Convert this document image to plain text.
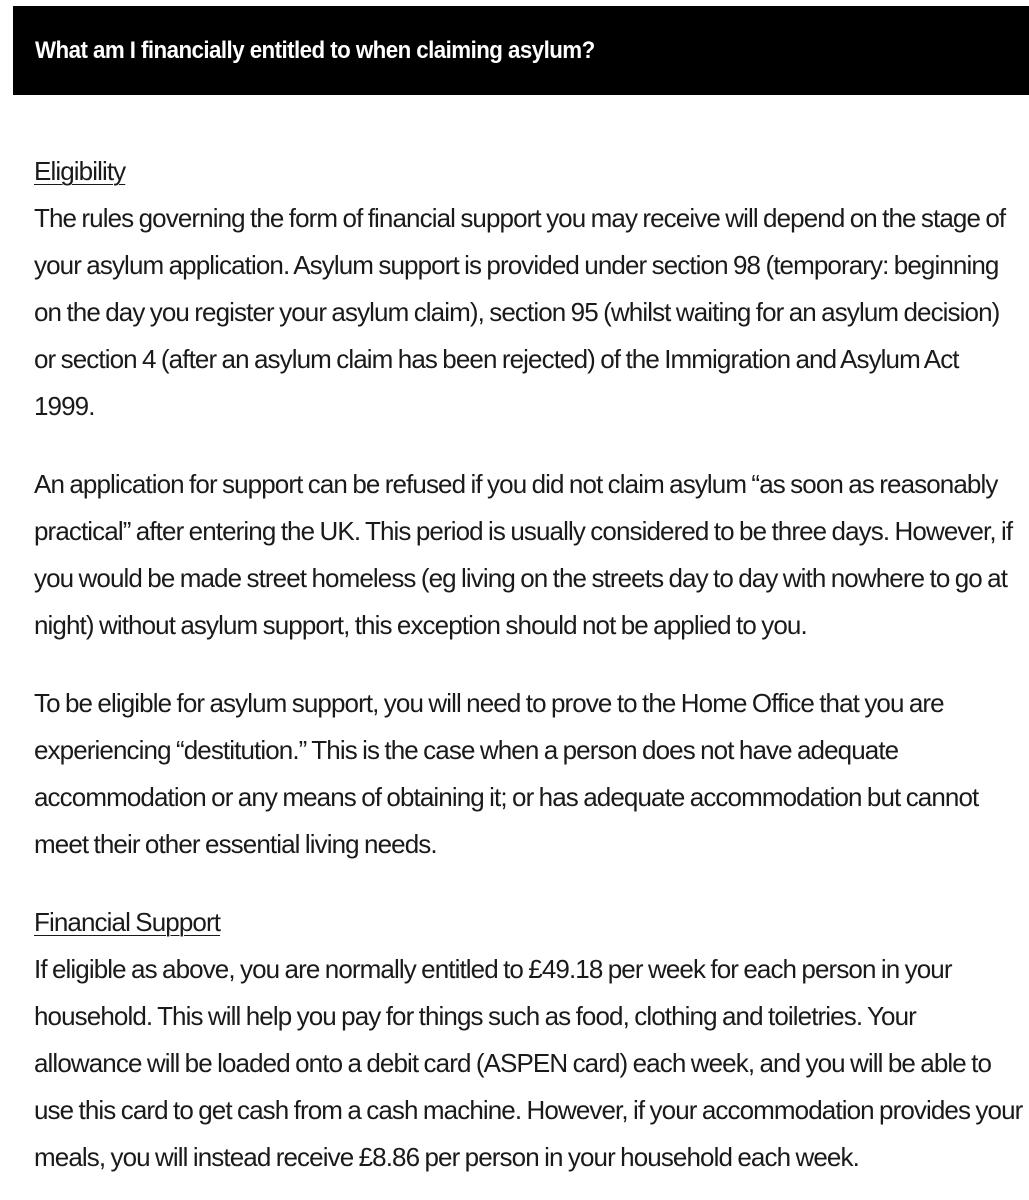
What am I financially entitled to when claiming asylum?
Eligibility

The rules governing the form of financial support you may receive will depend on the stage of your asylum application. Asylum support is provided under section 98 (temporary: beginning on the day you register your asylum claim), section 95 (whilst waiting for an asylum decision) or section 4 (after an asylum claim has been rejected) of the Immigration and Asylum Act 1999.

An application for support can be refused if you did not claim asylum “as soon as reasonably practical” after entering the UK. This period is usually considered to be three days. However, if you would be made street homeless (eg living on the streets day to day with nowhere to go at night) without asylum support, this exception should not be applied to you.

To be eligible for asylum support, you will need to prove to the Home Office that you are experiencing “destitution.” This is the case when a person does not have adequate accommodation or any means of obtaining it; or has adequate accommodation but cannot meet their other essential living needs.

Financial Support

If eligible as above, you are normally entitled to £49.18 per week for each person in your household. This will help you pay for things such as food, clothing and toiletries. Your allowance will be loaded onto a debit card (ASPEN card) each week, and you will be able to use this card to get cash from a cash machine. However, if your accommodation provides your meals, you will instead receive £8.86 per person in your household each week.
